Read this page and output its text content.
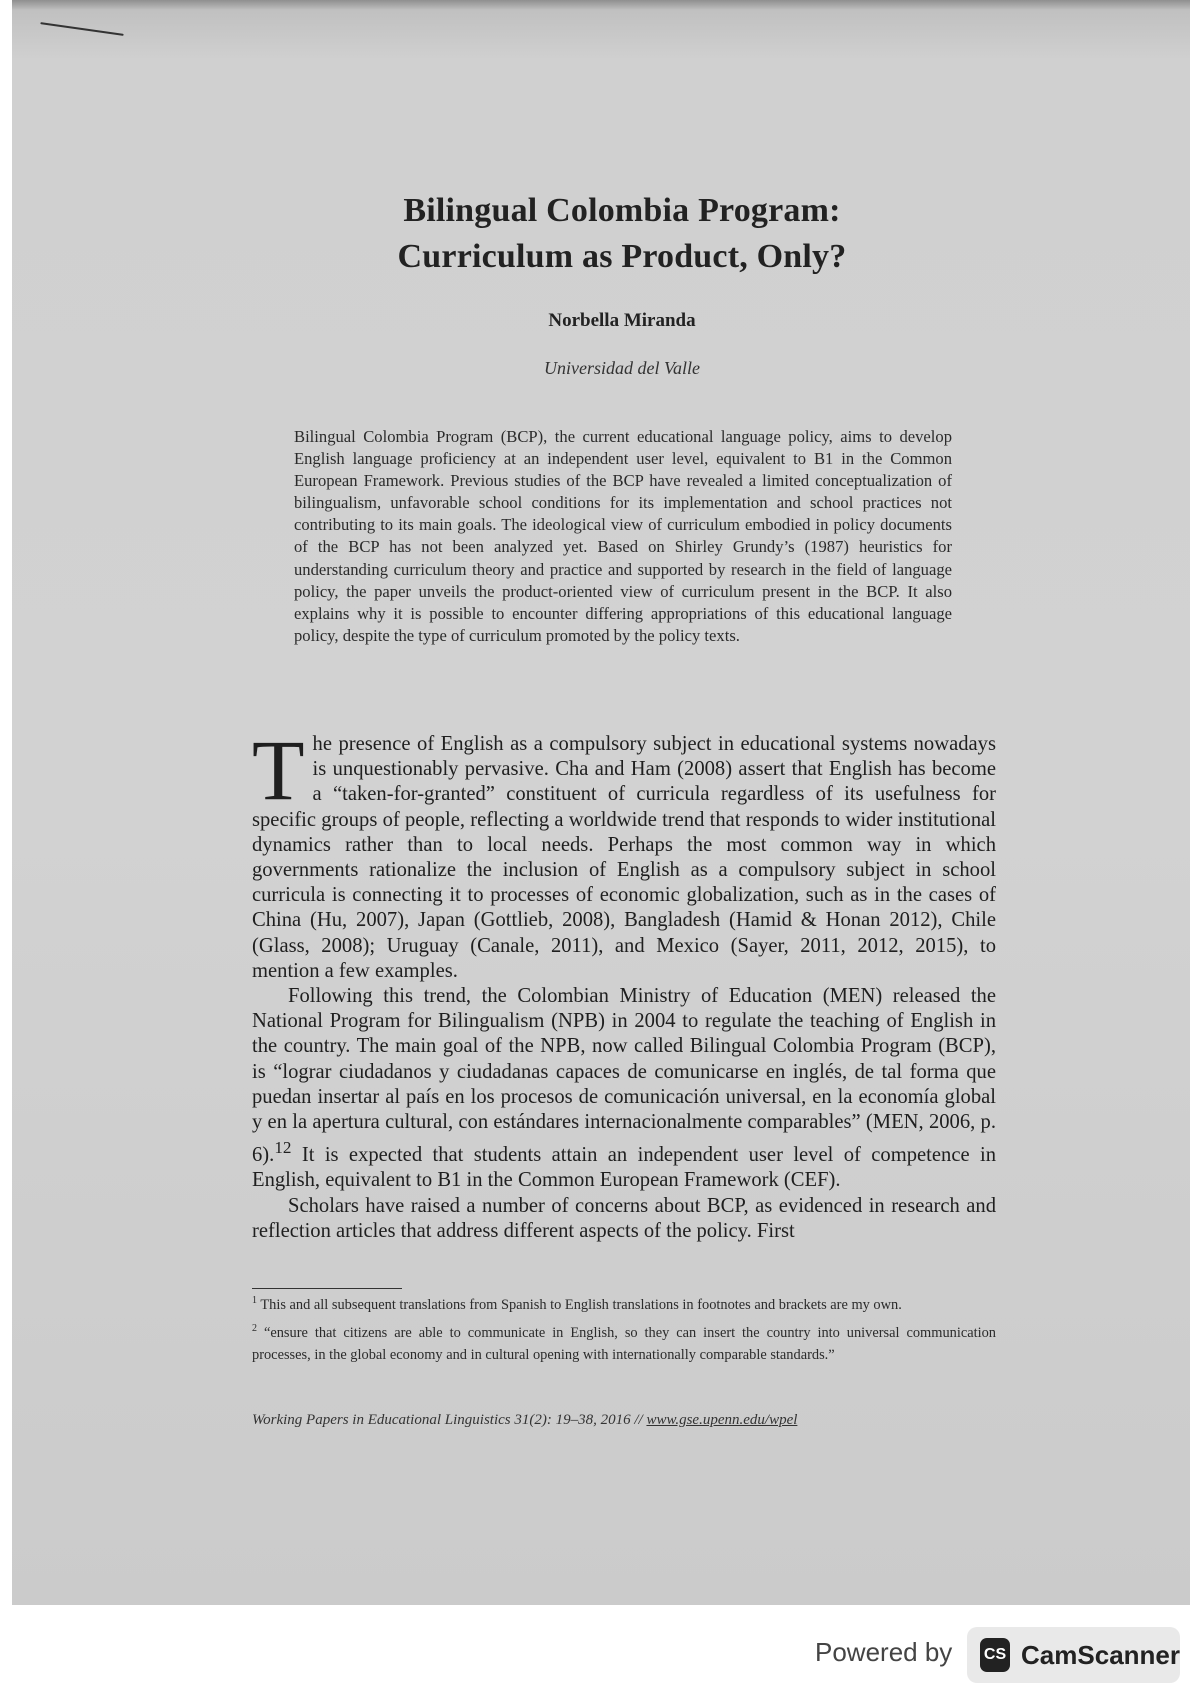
Bilingual Colombia Program:
Curriculum as Product, Only?
Norbella Miranda
Universidad del Valle
Bilingual Colombia Program (BCP), the current educational language policy, aims to develop English language proficiency at an independent user level, equivalent to B1 in the Common European Framework. Previous studies of the BCP have revealed a limited conceptualization of bilingualism, unfavorable school conditions for its implementation and school practices not contributing to its main goals. The ideological view of curriculum embodied in policy documents of the BCP has not been analyzed yet. Based on Shirley Grundy’s (1987) heuristics for understanding curriculum theory and practice and supported by research in the field of language policy, the paper unveils the product-oriented view of curriculum present in the BCP. It also explains why it is possible to encounter differing appropriations of this educational language policy, despite the type of curriculum promoted by the policy texts.

The presence of English as a compulsory subject in educational systems nowadays is unquestionably pervasive. Cha and Ham (2008) assert that English has become a “taken-for-granted” constituent of curricula regardless of its usefulness for specific groups of people, reflecting a worldwide trend that responds to wider institutional dynamics rather than to local needs. Perhaps the most common way in which governments rationalize the inclusion of English as a compulsory subject in school curricula is connecting it to processes of economic globalization, such as in the cases of China (Hu, 2007), Japan (Gottlieb, 2008), Bangladesh (Hamid & Honan 2012), Chile (Glass, 2008); Uruguay (Canale, 2011), and Mexico (Sayer, 2011, 2012, 2015), to mention a few examples.

Following this trend, the Colombian Ministry of Education (MEN) released the National Program for Bilingualism (NPB) in 2004 to regulate the teaching of English in the country. The main goal of the NPB, now called Bilingual Colombia Program (BCP), is “lograr ciudadanos y ciudadanas capaces de comunicarse en inglés, de tal forma que puedan insertar al país en los procesos de comunicación universal, en la economía global y en la apertura cultural, con estándares internacionalmente comparables” (MEN, 2006, p. 6).$^{12}$ It is expected that students attain an independent user level of competence in English, equivalent to B1 in the Common European Framework (CEF).

Scholars have raised a number of concerns about BCP, as evidenced in research and reflection articles that address different aspects of the policy. First

$^1$ This and all subsequent translations from Spanish to English translations in footnotes and brackets are my own.

$^2$ “ensure that citizens are able to communicate in English, so they can insert the country into universal communication processes, in the global economy and in cultural opening with internationally comparable standards.”

Working Papers in Educational Linguistics 31(2): 19–38, 2016 // www.gse.upenn.edu/wpel
Powered by CS CamScanner
